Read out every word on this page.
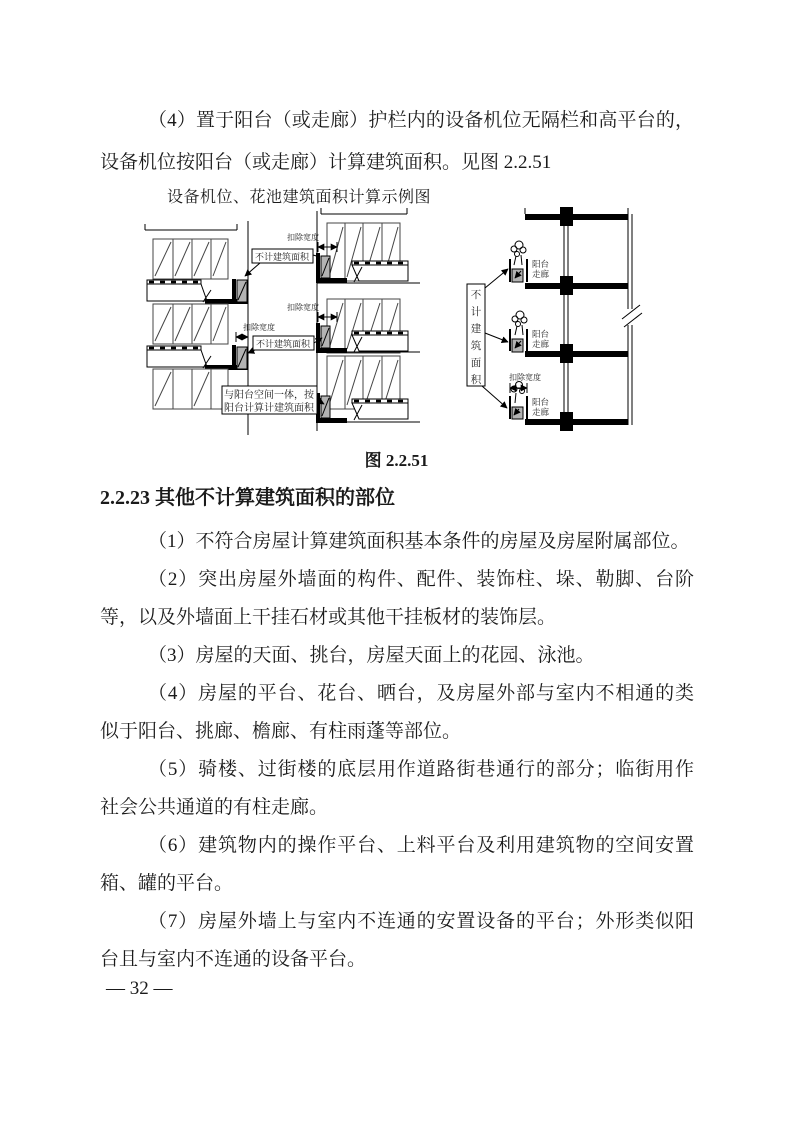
（4）置于阳台（或走廊）护栏内的设备机位无隔栏和高平台的，
设备机位按阳台（或走廊）计算建筑面积。见图 2.2.51
设备机位、花池建筑面积计算示例图
不计建筑面积
不计建筑面积
扣除宽度
扣除宽度
扣除宽度
扣除宽度
与阳台空间一体，按
阳台计算计建筑面积
不
计
建
筑
面
积
阳台
走廊
阳台
走廊
阳台
走廊
图 2.2.51
2.2.23 其他不计算建筑面积的部位
（1）不符合房屋计算建筑面积基本条件的房屋及房屋附属部位。
（2）突出房屋外墙面的构件、配件、装饰柱、垛、勒脚、台阶
等，以及外墙面上干挂石材或其他干挂板材的装饰层。
（3）房屋的天面、挑台，房屋天面上的花园、泳池。
（4）房屋的平台、花台、晒台，及房屋外部与室内不相通的类
似于阳台、挑廊、檐廊、有柱雨蓬等部位。
（5）骑楼、过街楼的底层用作道路街巷通行的部分；临街用作
社会公共通道的有柱走廊。
（6）建筑物内的操作平台、上料平台及利用建筑物的空间安置
箱、罐的平台。
（7）房屋外墙上与室内不连通的安置设备的平台；外形类似阳
台且与室内不连通的设备平台。
— 32 —
